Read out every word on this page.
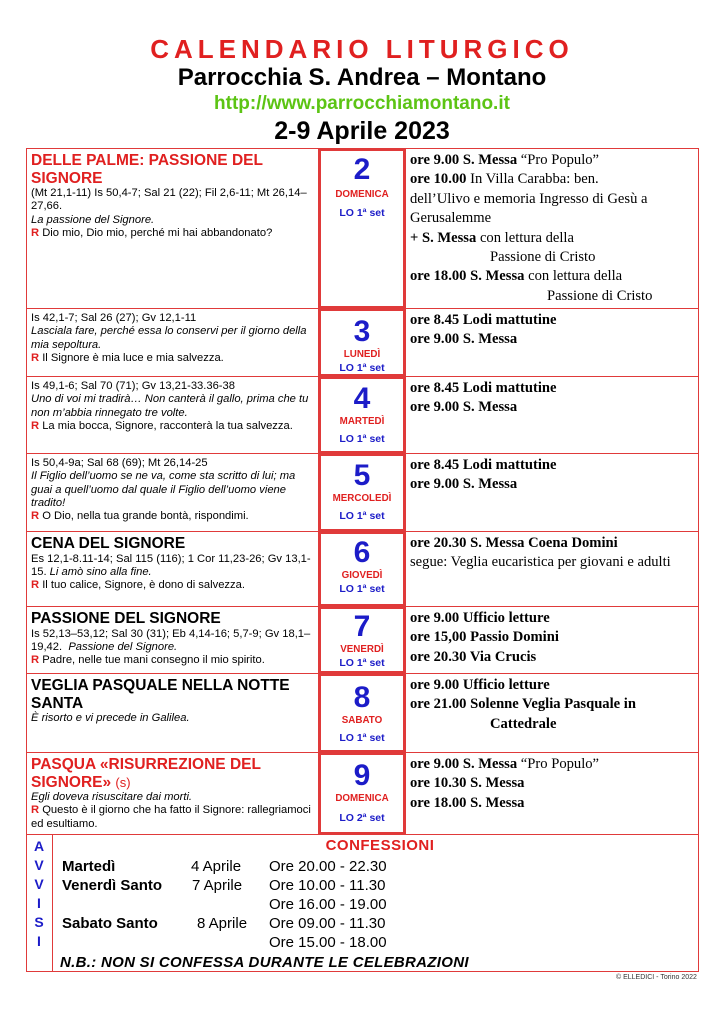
CALENDARIO LITURGICO
Parrocchia S. Andrea – Montano
http://www.parrocchiamontano.it
2-9 Aprile 2023
DELLE PALME: PASSIONE DEL SIGNORE
(Mt 21,1-11) Is 50,4-7; Sal 21 (22); Fil 2,6-11; Mt 26,14–27,66.
La passione del Signore.
R Dio mio, Dio mio, perché mi hai abbandonato?
2
DOMENICA
LO 1ª set
ore 9.00 S. Messa “Pro Populo”
ore 10.00 In Villa Carabba: ben.
dell’Ulivo e memoria Ingresso di Gesù a Gerusalemme
+ S. Messa con lettura della
Passione di Cristo
ore 18.00 S. Messa con lettura della
Passione di Cristo
Is 42,1-7; Sal 26 (27); Gv 12,1-11
Lasciala fare, perché essa lo conservi per il giorno della mia sepoltura.
R Il Signore è mia luce e mia salvezza.
3
LUNEDÌ
LO 1ª set
ore 8.45 Lodi mattutine
ore 9.00 S. Messa
Is 49,1-6; Sal 70 (71); Gv 13,21-33.36-38
Uno di voi mi tradirà… Non canterà il gallo, prima che tu non m’abbia rinnegato tre volte.
R La mia bocca, Signore, racconterà la tua salvezza.
4
MARTEDÌ
LO 1ª set
ore 8.45 Lodi mattutine
ore 9.00 S. Messa
Is 50,4-9a; Sal 68 (69); Mt 26,14-25
Il Figlio dell’uomo se ne va, come sta scritto di lui; ma guai a quell’uomo dal quale il Figlio dell’uomo viene tradito!
R O Dio, nella tua grande bontà, rispondimi.
5
MERCOLEDÌ
LO 1ª set
ore 8.45 Lodi mattutine
ore 9.00 S. Messa
CENA DEL SIGNORE
Es 12,1-8.11-14; Sal 115 (116); 1 Cor 11,23-26; Gv 13,1-15. Li amò sino alla fine.
R Il tuo calice, Signore, è dono di salvezza.
6
GIOVEDÌ
LO 1ª set
ore 20.30 S. Messa Coena Domini
segue: Veglia eucaristica per giovani e adulti
PASSIONE DEL SIGNORE
Is 52,13–53,12; Sal 30 (31); Eb 4,14-16; 5,7-9; Gv 18,1–19,42. Passione del Signore.
R Padre, nelle tue mani consegno il mio spirito.
7
VENERDÌ
LO 1ª set
ore 9.00 Ufficio letture
ore 15,00 Passio Domini
ore 20.30 Via Crucis
VEGLIA PASQUALE NELLA NOTTE SANTA
È risorto e vi precede in Galilea.
8
SABATO
LO 1ª set
ore 9.00 Ufficio letture
ore 21.00 Solenne Veglia Pasquale in
Cattedrale
PASQUA «RISURREZIONE DEL SIGNORE» (s)
Egli doveva risuscitare dai morti.
R Questo è il giorno che ha fatto il Signore: rallegriamoci ed esultiamo.
9
DOMENICA
LO 2ª set
ore 9.00 S. Messa “Pro Populo”
ore 10.30 S. Messa
ore 18.00 S. Messa
A
V
V
I
S
I
CONFESSIONI
Martedì	4 Aprile Ore 20.00 - 22.30
Venerdì Santo 7 Aprile Ore 10.00 - 11.30
Ore 16.00 - 19.00
Sabato Santo	8 Aprile Ore 09.00 - 11.30
Ore 15.00 - 18.00
N.B.: NON SI CONFESSA DURANTE LE CELEBRAZIONI
© ELLEDICI - Torino 2022
